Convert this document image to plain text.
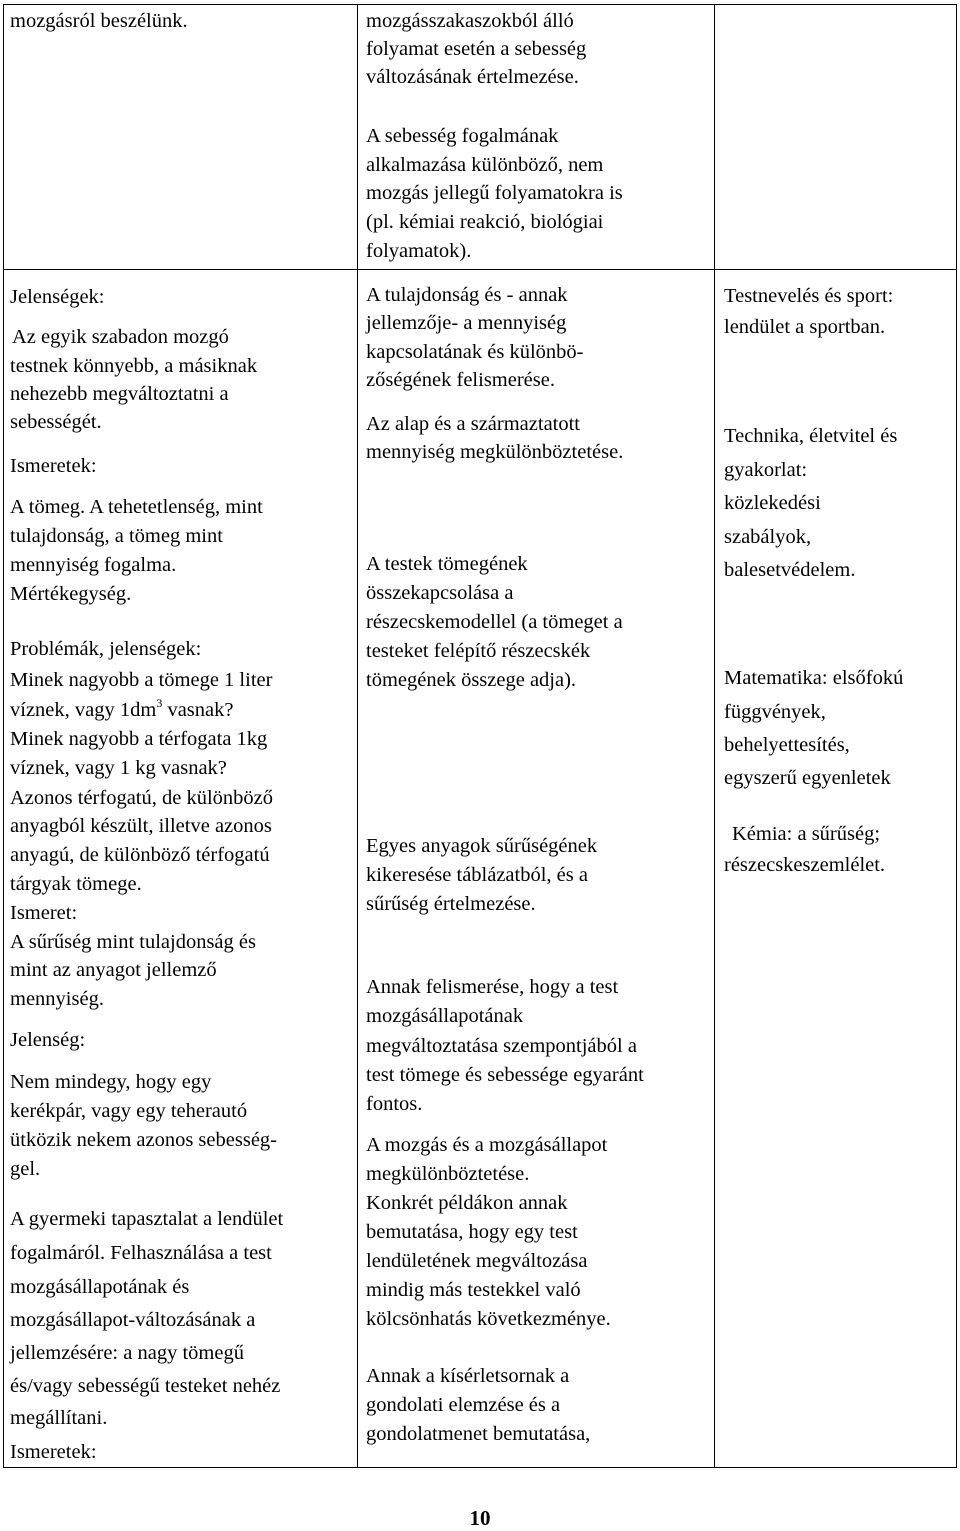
mozgásról beszélünk.	mozgásszakaszokból álló
folyamat esetén a sebesség
változásának értelmezése.
A sebesség fogalmának
alkalmazása különböző, nem
mozgás jellegű folyamatokra is
(pl. kémiai reakció, biológiai
folyamatok).
Jelenségek:
Az egyik szabadon mozgó
testnek könnyebb, a másiknak
nehezebb megváltoztatni a
sebességét.
Ismeretek:
A tömeg. A tehetetlenség, mint
tulajdonság, a tömeg mint
mennyiség fogalma.
Mértékegység.
Problémák, jelenségek:
Minek nagyobb a tömege 1 liter
víznek, vagy $1dm^3$ vasnak?
Minek nagyobb a térfogata 1kg
víznek, vagy 1 kg vasnak?
Azonos térfogatú, de különböző
anyagból készült, illetve azonos
anyagú, de különböző térfogatú
tárgyak tömege.
Ismeret:
A sűrűség mint tulajdonság és
mint az anyagot jellemző
mennyiség.
Jelenség:
Nem mindegy, hogy egy
kerékpár, vagy egy teherautó
ütközik nekem azonos sebesség-
gel.
A gyermeki tapasztalat a lendület
fogalmáról. Felhasználása a test
mozgásállapotának és
mozgásállapot-változásának a
jellemzésére: a nagy tömegű
és/vagy sebességű testeket nehéz
megállítani.
Ismeretek:
A tulajdonság és - annak
jellemzője- a mennyiség
kapcsolatának és különbö-
zőségének felismerése.
Az alap és a származtatott
mennyiség megkülönböztetése.
A testek tömegének
összekapcsolása a
részecskemodellel (a tömeget a
testeket felépítő részecskék
tömegének összege adja).
Egyes anyagok sűrűségének
kikeresése táblázatból, és a
sűrűség értelmezése.
Annak felismerése, hogy a test
mozgásállapotának
megváltoztatása szempontjából a
test tömege és sebessége egyaránt
fontos.
A mozgás és a mozgásállapot
megkülönböztetése.
Konkrét példákon annak
bemutatása, hogy egy test
lendületének megváltozása
mindig más testekkel való
kölcsönhatás következménye.
Annak a kísérletsornak a
gondolati elemzése és a
gondolatmenet bemutatása,
Testnevelés és sport:
lendület a sportban.
Technika, életvitel és
gyakorlat:
közlekedési
szabályok,
balesetvédelem.
Matematika: elsőfokú
függvények,
behelyettesítés,
egyszerű egyenletek
Kémia: a sűrűség;
részecskeszemlélet.
10
